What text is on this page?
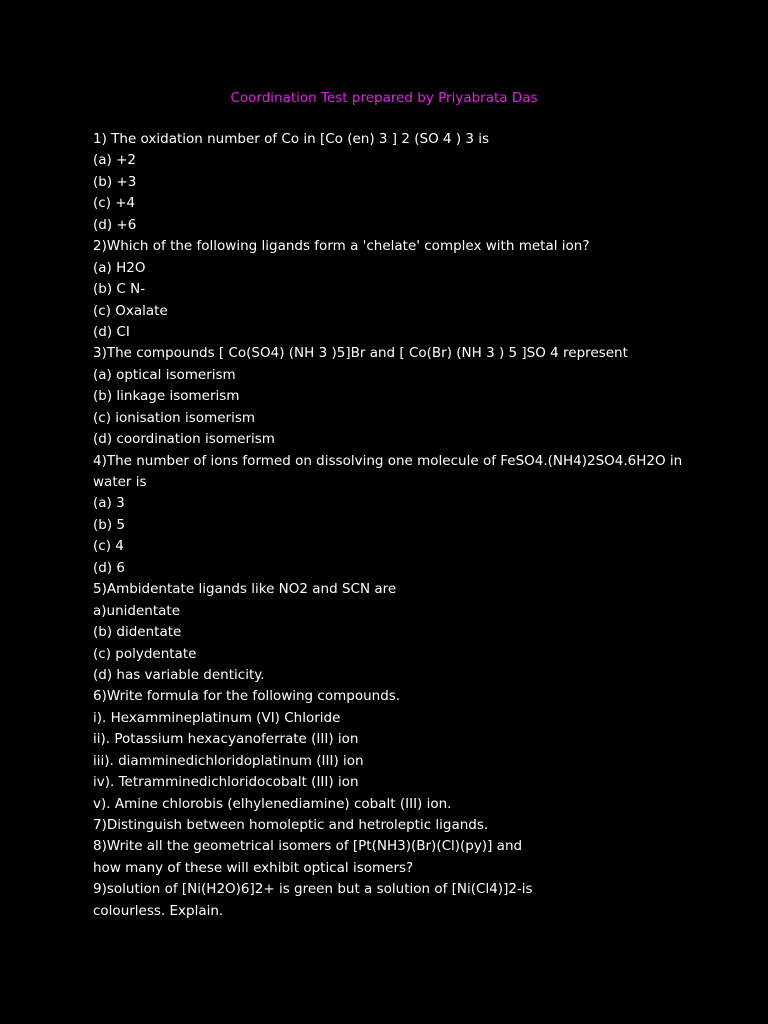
Coordination Test prepared by Priyabrata Das
1) The oxidation number of Co in [Co (en) 3 ] 2 (SO 4 ) 3 is
(a) +2
(b) +3
(c) +4
(d) +6
2)Which of the following ligands form a 'chelate' complex with metal ion?
(a) H2O
(b) C N-
(c) Oxalate
(d) CI
3)The compounds [ Co(SO4) (NH 3 )5]Br and [ Co(Br) (NH 3 ) 5 ]SO 4 represent
(a) optical isomerism
(b) linkage isomerism
(c) ionisation isomerism
(d) coordination isomerism
4)The number of ions formed on dissolving one molecule of FeSO4.(NH4)2SO4.6H2O in
water is
(a) 3
(b) 5
(c) 4
(d) 6
5)Ambidentate ligands like NO2 and SCN are
a)unidentate
(b) didentate
(c) polydentate
(d) has variable denticity.
6)Write formula for the following compounds.
i). Hexammineplatinum (VI) Chloride
ii). Potassium hexacyanoferrate (III) ion
iii). diamminedichloridoplatinum (III) ion
iv). Tetramminedichloridocobalt (III) ion
v). Amine chlorobis (elhylenediamine) cobalt (III) ion.
7)Distinguish between homoleptic and hetroleptic ligands.
8)Write all the geometrical isomers of [Pt(NH3)(Br)(Cl)(py)] and
how many of these will exhibit optical isomers?
9)solution of [Ni(H2O)6]2+ is green but a solution of [Ni(Cl4)]2-is
colourless. Explain.
